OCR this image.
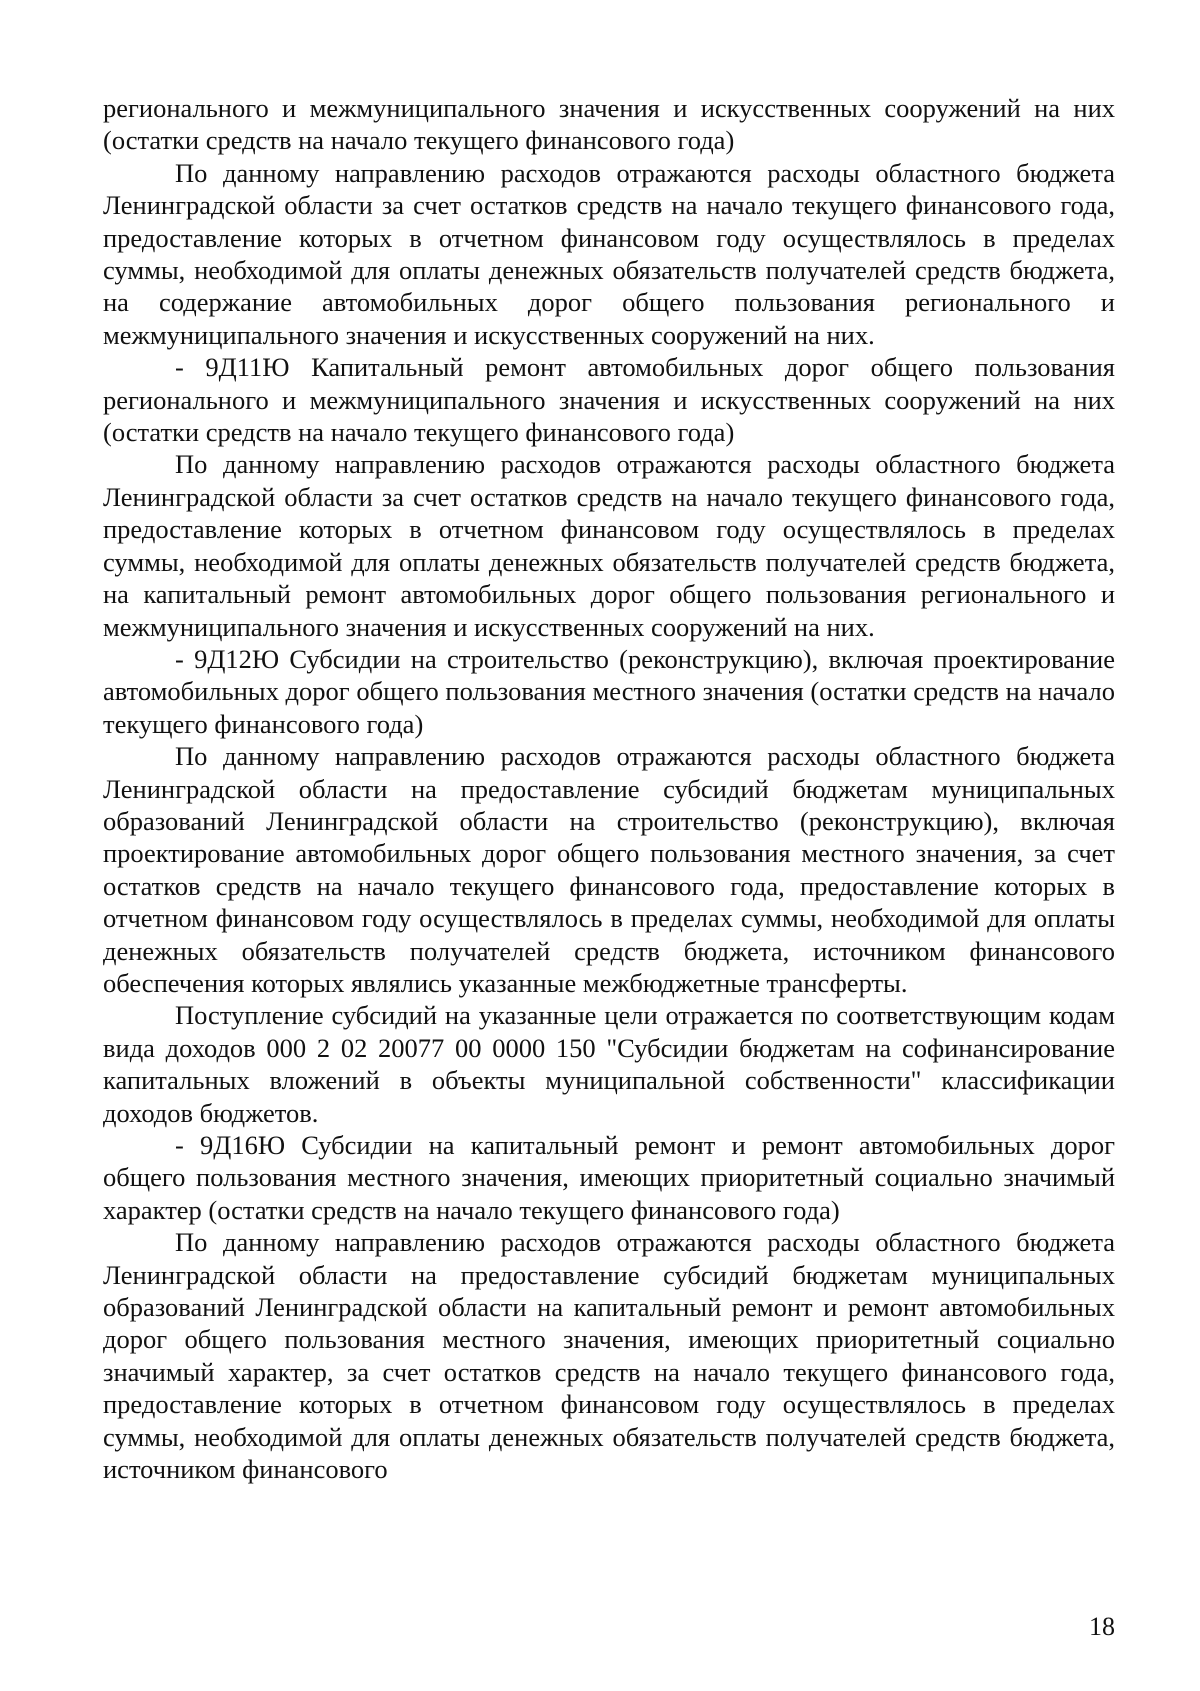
регионального и межмуниципального значения и искусственных сооружений на них (остатки средств на начало текущего финансового года)

По данному направлению расходов отражаются расходы областного бюджета Ленинградской области за счет остатков средств на начало текущего финансового года, предоставление которых в отчетном финансовом году осуществлялось в пределах суммы, необходимой для оплаты денежных обязательств получателей средств бюджета, на содержание автомобильных дорог общего пользования регионального и межмуниципального значения и искусственных сооружений на них.

- 9Д11Ю Капитальный ремонт автомобильных дорог общего пользования регионального и межмуниципального значения и искусственных сооружений на них (остатки средств на начало текущего финансового года)

По данному направлению расходов отражаются расходы областного бюджета Ленинградской области за счет остатков средств на начало текущего финансового года, предоставление которых в отчетном финансовом году осуществлялось в пределах суммы, необходимой для оплаты денежных обязательств получателей средств бюджета, на капитальный ремонт автомобильных дорог общего пользования регионального и межмуниципального значения и искусственных сооружений на них.

- 9Д12Ю Субсидии на строительство (реконструкцию), включая проектирование автомобильных дорог общего пользования местного значения (остатки средств на начало текущего финансового года)

По данному направлению расходов отражаются расходы областного бюджета Ленинградской области на предоставление субсидий бюджетам муниципальных образований Ленинградской области на строительство (реконструкцию), включая проектирование автомобильных дорог общего пользования местного значения, за счет остатков средств на начало текущего финансового года, предоставление которых в отчетном финансовом году осуществлялось в пределах суммы, необходимой для оплаты денежных обязательств получателей средств бюджета, источником финансового обеспечения которых являлись указанные межбюджетные трансферты.

Поступление субсидий на указанные цели отражается по соответствующим кодам вида доходов 000 2 02 20077 00 0000 150 "Субсидии бюджетам на софинансирование капитальных вложений в объекты муниципальной собственности" классификации доходов бюджетов.

- 9Д16Ю Субсидии на капитальный ремонт и ремонт автомобильных дорог общего пользования местного значения, имеющих приоритетный социально значимый характер (остатки средств на начало текущего финансового года)

По данному направлению расходов отражаются расходы областного бюджета Ленинградской области на предоставление субсидий бюджетам муниципальных образований Ленинградской области на капитальный ремонт и ремонт автомобильных дорог общего пользования местного значения, имеющих приоритетный социально значимый характер, за счет остатков средств на начало текущего финансового года, предоставление которых в отчетном финансовом году осуществлялось в пределах суммы, необходимой для оплаты денежных обязательств получателей средств бюджета, источником финансового

18
